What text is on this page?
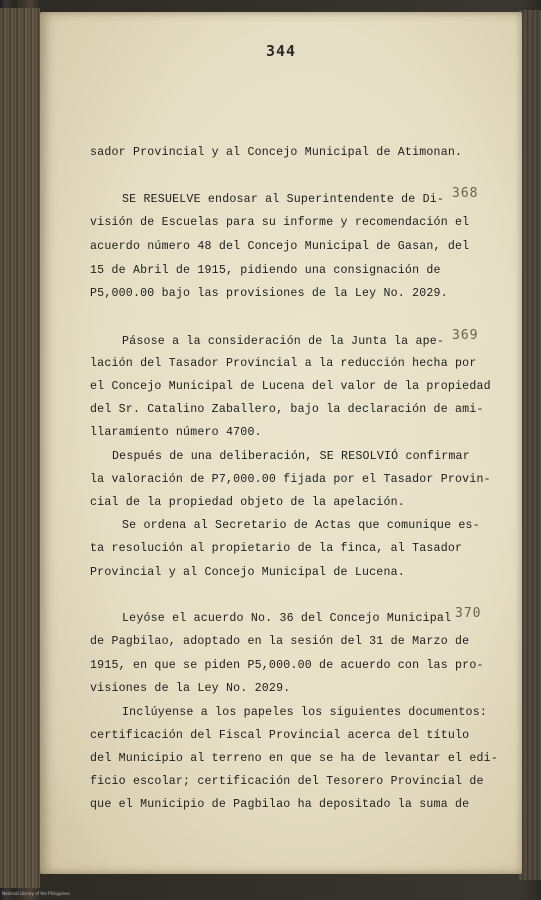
344
sador Provincial y al Concejo Municipal de Atimonan.
SE RESUELVE endosar al Superintendente de Di-
visión de Escuelas para su informe y recomendación el
acuerdo número 48 del Concejo Municipal de Gasan, del
15 de Abril de 1915, pidiendo una consignación de
P5,000.00 bajo las provisiones de la Ley No. 2029.
Pásose a la consideración de la Junta la ape-
lación del Tasador Provincial a la reducción hecha por
el Concejo Municipal de Lucena del valor de la propiedad
del Sr. Catalino Zaballero, bajo la declaración de ami-
llaramiento número 4700.
Después de una deliberación, SE RESOLVIÓ confirmar
la valoración de P7,000.00 fijada por el Tasador Provin-
cial de la propiedad objeto de la apelación.
Se ordena al Secretario de Actas que comunique es-
ta resolución al propietario de la finca, al Tasador
Provincial y al Concejo Municipal de Lucena.
Leyóse el acuerdo No. 36 del Concejo Municipal
de Pagbilao, adoptado en la sesión del 31 de Marzo de
1915, en que se piden P5,000.00 de acuerdo con las pro-
visiones de la Ley No. 2029.
Inclúyense a los papeles los siguientes documentos:
certificación del Fiscal Provincial acerca del título
del Municipio al terreno en que se ha de levantar el edi-
ficio escolar; certificación del Tesorero Provincial de
que el Municipio de Pagbilao ha depositado la suma de
368
369
370
National Library of the Philippines
